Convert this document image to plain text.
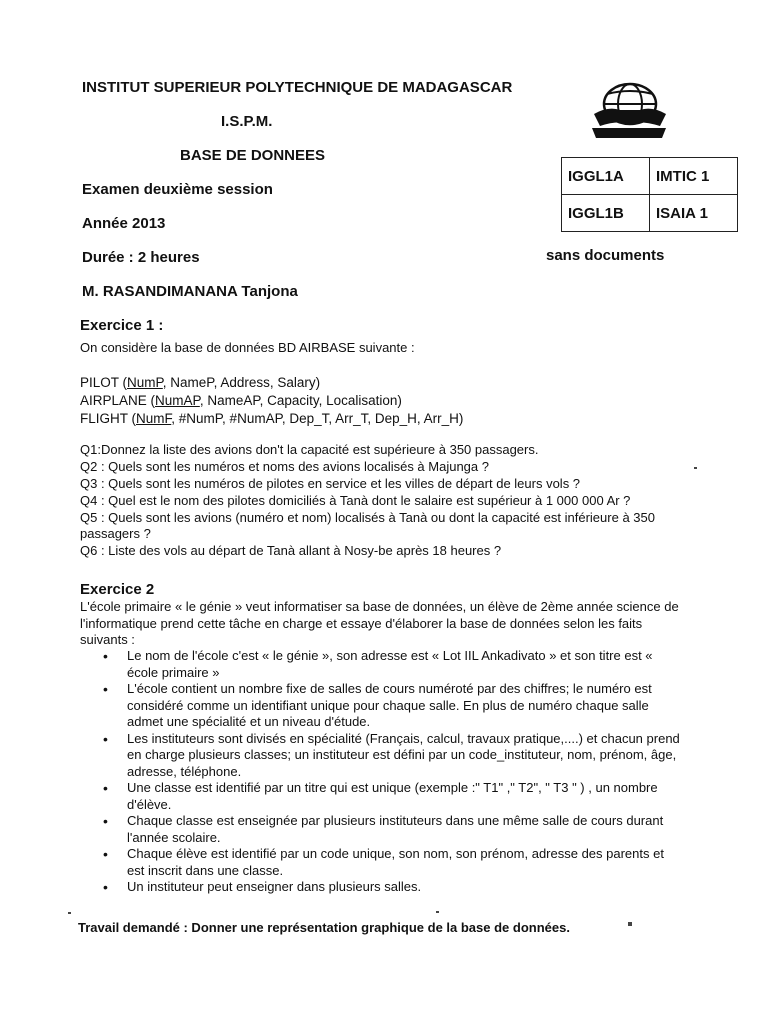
INSTITUT SUPERIEUR POLYTECHNIQUE DE MADAGASCAR
I.S.P.M.
BASE DE DONNEES
Examen deuxième session
Année 2013
Durée : 2 heures	sans documents
M. RASANDIMANANA Tanjona
IGGL1A	IMTIC 1
IGGL1B	ISAIA 1
Exercice 1 :
On considère la base de données BD AIRBASE suivante :
PILOT (NumP, NameP, Address, Salary)
AIRPLANE (NumAP, NameAP, Capacity, Localisation)
FLIGHT (NumF, #NumP, #NumAP, Dep_T, Arr_T, Dep_H, Arr_H)
Q1:Donnez la liste des avions don't la capacité est supérieure à 350 passagers.
Q2 : Quels sont les numéros et noms des avions localisés à Majunga ?
Q3 : Quels sont les numéros de pilotes en service et les villes de départ de leurs vols ?
Q4 : Quel est le nom des pilotes domiciliés à Tanà dont le salaire est supérieur à 1 000 000 Ar ?
Q5 : Quels sont les avions (numéro et nom) localisés à Tanà ou dont la capacité est inférieure à 350
passagers ?
Q6 : Liste des vols au départ de Tanà allant à Nosy-be après 18 heures ?
Exercice 2
L'école primaire « le génie » veut informatiser sa base de données, un élève de 2ème année science de l'informatique prend cette tâche en charge et essaye d'élaborer la base de données selon les faits suivants :
• Le nom de l'école c'est « le génie », son adresse est « Lot IIL Ankadivato » et son titre est « école primaire »
• L'école contient un nombre fixe de salles de cours numéroté par des chiffres; le numéro est considéré comme un identifiant unique pour chaque salle. En plus de numéro chaque salle admet une spécialité et un niveau d'étude.
• Les instituteurs sont divisés en spécialité (Français, calcul, travaux pratique,....) et chacun prend en charge plusieurs classes; un instituteur est défini par un code_instituteur, nom, prénom, âge, adresse, téléphone.
• Une classe est identifié par un titre qui est unique (exemple :" T1" ," T2", " T3 " ) , un nombre d'élève.
• Chaque classe est enseignée par plusieurs instituteurs dans une même salle de cours durant l'année scolaire.
• Chaque élève est identifié par un code unique, son nom, son prénom, adresse des parents et est inscrit dans une classe.
• Un instituteur peut enseigner dans plusieurs salles.
Travail demandé : Donner une représentation graphique de la base de données.
